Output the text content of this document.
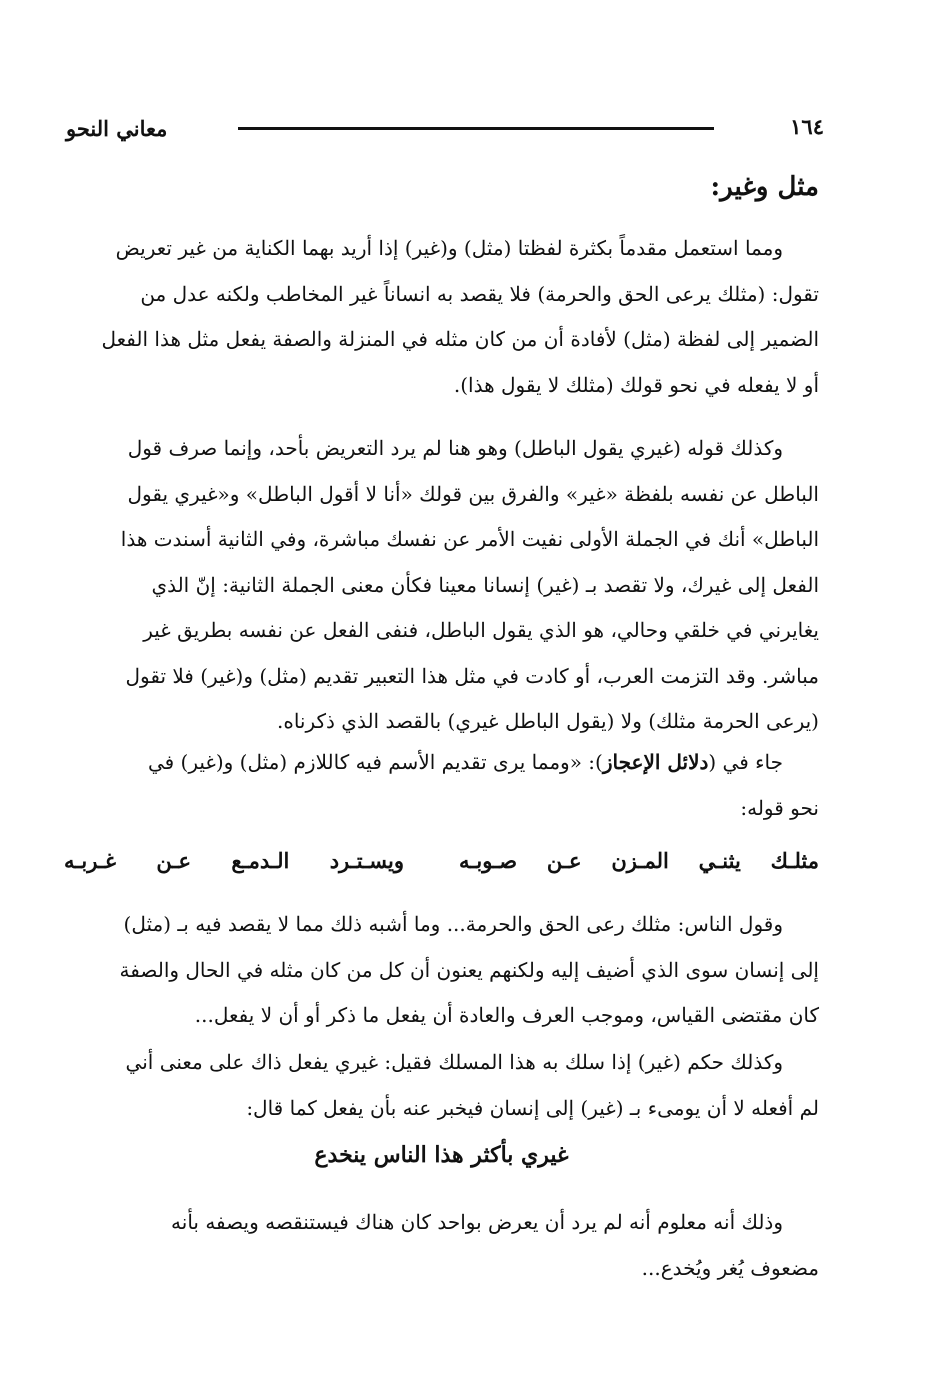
معاني النحو	١٦٤
مثل وغير:

ومما استعمل مقدماً بكثرة لفظتا (مثل) و(غير) إذا أريد بهما الكناية من غير تعريض

تقول: (مثلك يرعى الحق والحرمة) فلا يقصد به انساناً غير المخاطب ولكنه عدل من

الضمير إلى لفظة (مثل) لأفادة أن من كان مثله في المنزلة والصفة يفعل مثل هذا الفعل

أو لا يفعله في نحو قولك (مثلك لا يقول هذا).

وكذلك قوله (غيري يقول الباطل) وهو هنا لم يرد التعريض بأحد، وإنما صرف قول

الباطل عن نفسه بلفظة «غير» والفرق بين قولك «أنا لا أقول الباطل» و«غيري يقول

الباطل» أنك في الجملة الأولى نفيت الأمر عن نفسك مباشرة، وفي الثانية أسندت هذا

الفعل إلى غيرك، ولا تقصد بـ (غير) إنسانا معينا فكأن معنى الجملة الثانية: إنّ الذي

يغايرني في خلقي وحالي، هو الذي يقول الباطل، فنفى الفعل عن نفسه بطريق غير

مباشر. وقد التزمت العرب، أو كادت في مثل هذا التعبير تقديم (مثل) و(غير) فلا تقول

(يرعى الحرمة مثلك) ولا (يقول الباطل غيري) بالقصد الذي ذكرناه.

جاء في (دلائل الإعجاز): «ومما يرى تقديم الأسم فيه كاللازم (مثل) و(غير) في

نحو قوله:

مثلـك يثنـي المـزن عـن صـوبـه
ويسـتـرد الـدمـع عـن غـربـه

وقول الناس: مثلك رعى الحق والحرمة... وما أشبه ذلك مما لا يقصد فيه بـ (مثل)

إلى إنسان سوى الذي أضيف إليه ولكنهم يعنون أن كل من كان مثله في الحال والصفة

كان مقتضى القياس، وموجب العرف والعادة أن يفعل ما ذكر أو أن لا يفعل...

وكذلك حكم (غير) إذا سلك به هذا المسلك فقيل: غيري يفعل ذاك على معنى أني

لم أفعله لا أن يومىء بـ (غير) إلى إنسان فيخبر عنه بأن يفعل كما قال:

غيري بأكثر هذا الناس ينخدع

وذلك أنه معلوم أنه لم يرد أن يعرض بواحد كان هناك فيستنقصه ويصفه بأنه

مضعوف يُغر ويُخدع...
